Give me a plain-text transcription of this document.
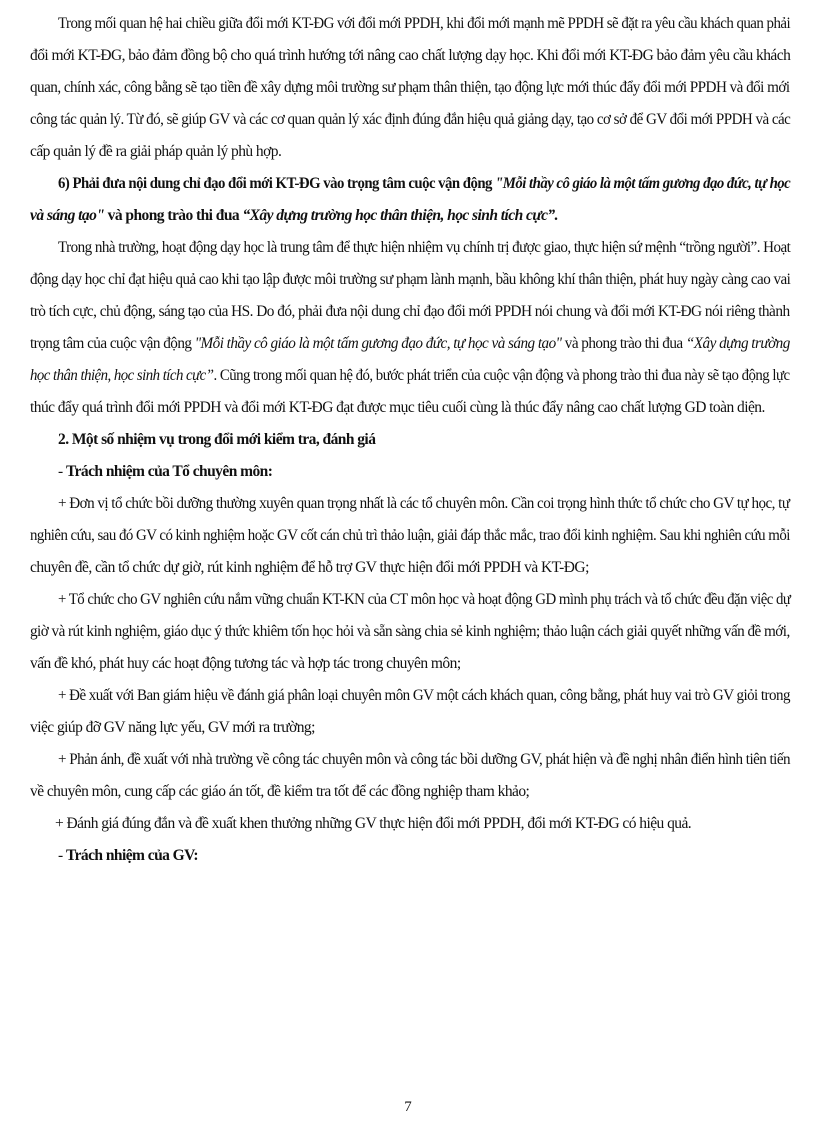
Trong mối quan hệ hai chiều giữa đổi mới KT-ĐG với đổi mới PPDH, khi đổi mới mạnh mẽ PPDH sẽ đặt ra yêu cầu khách quan phải
đổi mới KT-ĐG, bảo đảm đồng bộ cho quá trình hướng tới nâng cao chất lượng dạy học. Khi đổi mới KT-ĐG bảo đảm yêu cầu khách
quan, chính xác, công bằng sẽ tạo tiền đề xây dựng môi trường sư phạm thân thiện, tạo động lực mới thúc đẩy đổi mới PPDH và đổi mới
công tác quản lý. Từ đó, sẽ giúp GV và các cơ quan quản lý xác định đúng đắn hiệu quả giảng dạy, tạo cơ sở để GV đổi mới PPDH và các
cấp quản lý đề ra giải pháp quản lý phù hợp.
6) Phải đưa nội dung chỉ đạo đổi mới KT-ĐG vào trọng tâm cuộc vận động "Mỗi thầy cô giáo là một tấm gương đạo đức, tự học
và sáng tạo" và phong trào thi đua “Xây dựng trường học thân thiện, học sinh tích cực”.
Trong nhà trường, hoạt động dạy học là trung tâm để thực hiện nhiệm vụ chính trị được giao, thực hiện sứ mệnh “trồng người”. Hoạt
động dạy học chỉ đạt hiệu quả cao khi tạo lập được môi trường sư phạm lành mạnh, bầu không khí thân thiện, phát huy ngày càng cao vai
trò tích cực, chủ động, sáng tạo của HS. Do đó, phải đưa nội dung chỉ đạo đổi mới PPDH nói chung và đổi mới KT-ĐG nói riêng thành
trọng tâm của cuộc vận động "Mỗi thầy cô giáo là một tấm gương đạo đức, tự học và sáng tạo" và phong trào thi đua “Xây dựng trường
học thân thiện, học sinh tích cực”. Cũng trong mối quan hệ đó, bước phát triển của cuộc vận động và phong trào thi đua này sẽ tạo động lực
thúc đẩy quá trình đổi mới PPDH và đổi mới KT-ĐG đạt được mục tiêu cuối cùng là thúc đẩy nâng cao chất lượng GD toàn diện.
2. Một số nhiệm vụ trong đổi mới kiểm tra, đánh giá
- Trách nhiệm của Tổ chuyên môn:
+ Đơn vị tổ chức bồi dưỡng thường xuyên quan trọng nhất là các tổ chuyên môn. Cần coi trọng hình thức tổ chức cho GV tự học, tự
nghiên cứu, sau đó GV có kinh nghiệm hoặc GV cốt cán chủ trì thảo luận, giải đáp thắc mắc, trao đổi kinh nghiệm. Sau khi nghiên cứu mỗi
chuyên đề, cần tổ chức dự giờ, rút kinh nghiệm để hỗ trợ GV thực hiện đổi mới PPDH và KT-ĐG;
+ Tổ chức cho GV nghiên cứu nắm vững chuẩn KT-KN của CT môn học và hoạt động GD mình phụ trách và tổ chức đều đặn việc dự
giờ và rút kinh nghiệm, giáo dục ý thức khiêm tốn học hỏi và sẵn sàng chia sẻ kinh nghiệm; thảo luận cách giải quyết những vấn đề mới,
vấn đề khó, phát huy các hoạt động tương tác và hợp tác trong chuyên môn;
+ Đề xuất với Ban giám hiệu về đánh giá phân loại chuyên môn GV một cách khách quan, công bằng, phát huy vai trò GV giỏi trong
việc giúp đỡ GV năng lực yếu, GV mới ra trường;
+ Phản ánh, đề xuất với nhà trường về công tác chuyên môn và công tác bồi dưỡng GV, phát hiện và đề nghị nhân điển hình tiên tiến
về chuyên môn, cung cấp các giáo án tốt, đề kiểm tra tốt để các đồng nghiệp tham khảo;
+ Đánh giá đúng đắn và đề xuất khen thưởng những GV thực hiện đổi mới PPDH, đổi mới KT-ĐG có hiệu quả.
- Trách nhiệm của GV:
7
